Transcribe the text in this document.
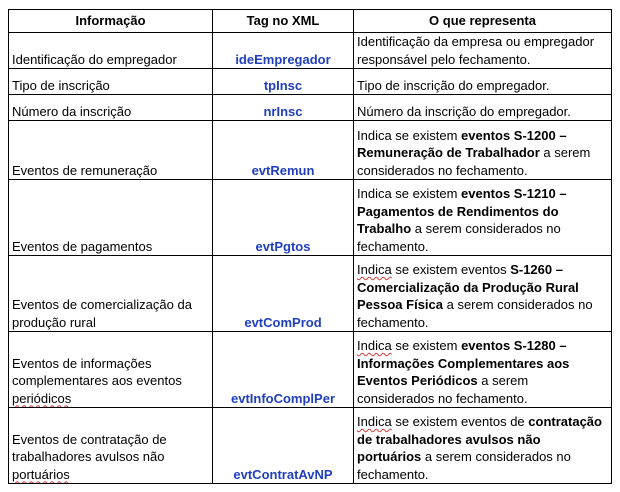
Informação	Tag no XML	O que representa
Identificação do empregador	ideEmpregador	Identificação da empresa ou empregador responsável pelo fechamento.
Tipo de inscrição	tpInsc	Tipo de inscrição do empregador.
Número da inscrição	nrInsc	Número da inscrição do empregador.
Eventos de remuneração	evtRemun	Indica se existem eventos S-1200 – Remuneração de Trabalhador a serem considerados no fechamento.
Eventos de pagamentos	evtPgtos	Indica se existem eventos S-1210 – Pagamentos de Rendimentos do Trabalho a serem considerados no fechamento.
Eventos de comercialização da
produção rural	evtComProd	Indica se existem eventos S-1260 – Comercialização da Produção Rural Pessoa Física a serem considerados no fechamento.
Eventos de informações
complementares aos eventos
periódicos	evtInfoComplPer	Indica se existem eventos S-1280 – Informações Complementares aos Eventos Periódicos a serem considerados no fechamento.
Eventos de contratação de
trabalhadores avulsos não
portuários	evtContratAvNP	Indica se existem eventos de contratação de trabalhadores avulsos não portuários a serem considerados no fechamento.
